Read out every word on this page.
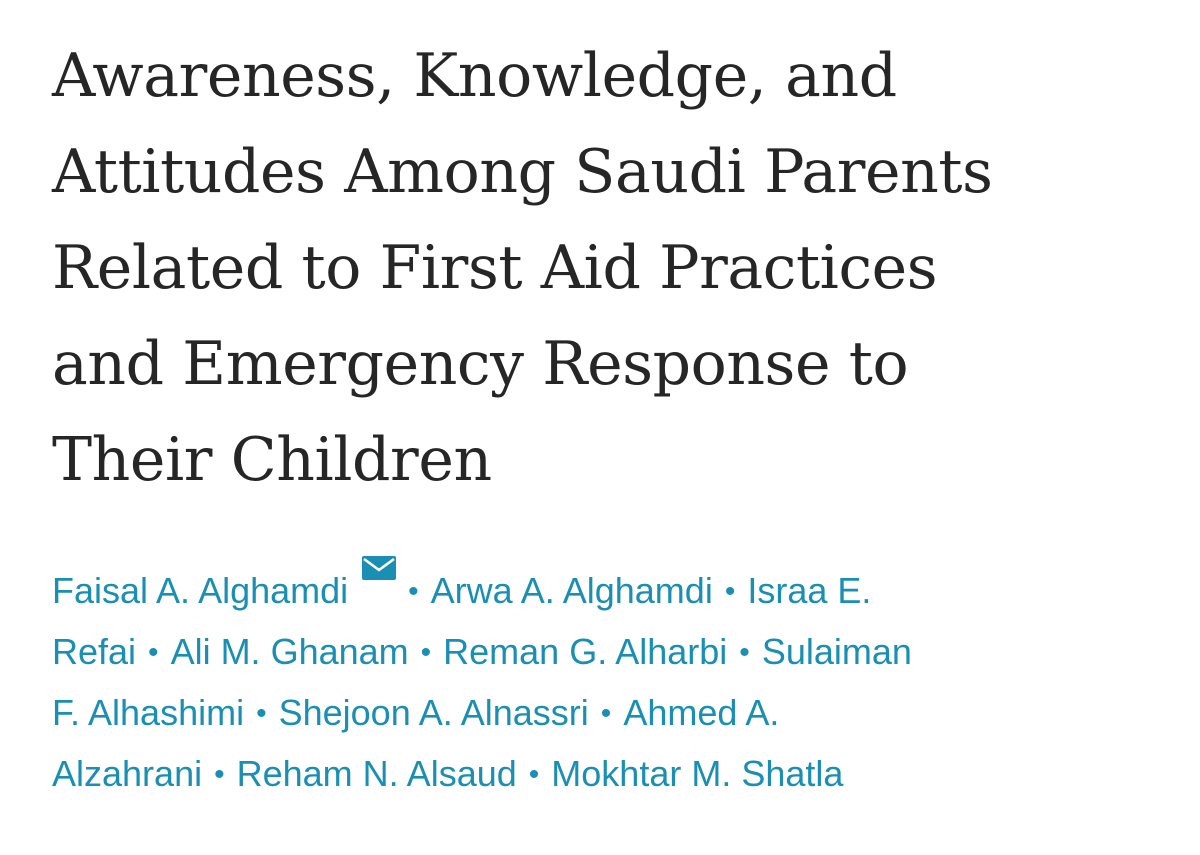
Awareness, Knowledge, and
Attitudes Among Saudi Parents
Related to First Aid Practices
and Emergency Response to
Their Children
Faisal A. Alghamdi • Arwa A. Alghamdi • Israa E.
Refai • Ali M. Ghanam • Reman G. Alharbi • Sulaiman
F. Alhashimi • Shejoon A. Alnassri • Ahmed A.
Alzahrani • Reham N. Alsaud • Mokhtar M. Shatla
